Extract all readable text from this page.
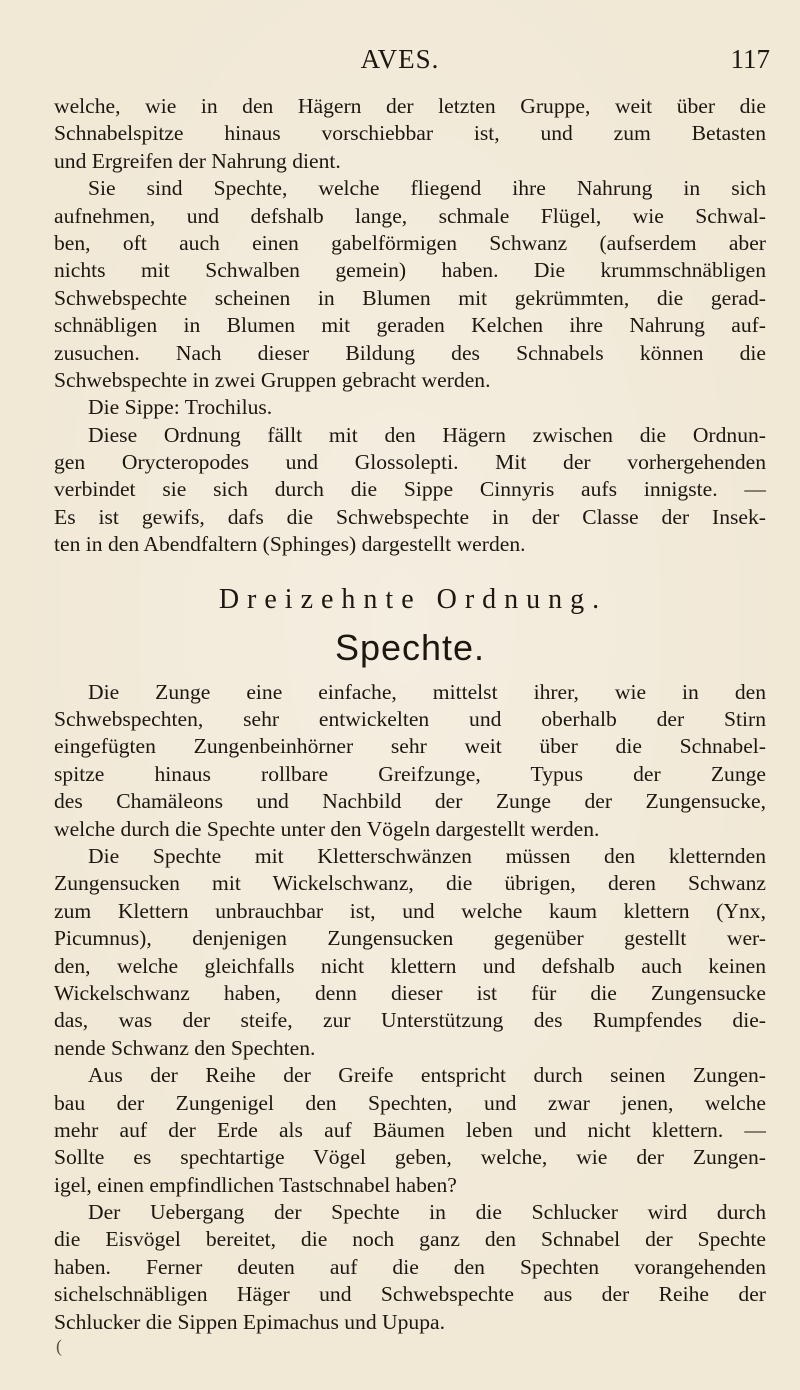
AVES.	117
welche, wie in den Hägern der letzten Gruppe, weit über die
Schnabelspitze hinaus vorschiebbar ist, und zum Betasten
und Ergreifen der Nahrung dient.
Sie sind Spechte, welche fliegend ihre Nahrung in sich
aufnehmen, und defshalb lange, schmale Flügel, wie Schwal-
ben, oft auch einen gabelförmigen Schwanz (aufserdem aber
nichts mit Schwalben gemein) haben. Die krummschnäbligen
Schwebspechte scheinen in Blumen mit gekrümmten, die gerad-
schnäbligen in Blumen mit geraden Kelchen ihre Nahrung auf-
zusuchen. Nach dieser Bildung des Schnabels können die
Schwebspechte in zwei Gruppen gebracht werden.
Die Sippe: Trochilus.
Diese Ordnung fällt mit den Hägern zwischen die Ordnun-
gen Orycteropodes und Glossolepti. Mit der vorhergehenden
verbindet sie sich durch die Sippe Cinnyris aufs innigste. —
Es ist gewifs, dafs die Schwebspechte in der Classe der Insek-
ten in den Abendfaltern (Sphinges) dargestellt werden.
Dreizehnte Ordnung.
Spechte.
Die Zunge eine einfache, mittelst ihrer, wie in den
Schwebspechten, sehr entwickelten und oberhalb der Stirn
eingefügten Zungenbeinhörner sehr weit über die Schnabel-
spitze hinaus rollbare Greifzunge, Typus der Zunge
des Chamäleons und Nachbild der Zunge der Zungensucke,
welche durch die Spechte unter den Vögeln dargestellt werden.
Die Spechte mit Kletterschwänzen müssen den kletternden
Zungensucken mit Wickelschwanz, die übrigen, deren Schwanz
zum Klettern unbrauchbar ist, und welche kaum klettern (Ynx,
Picumnus), denjenigen Zungensucken gegenüber gestellt wer-
den, welche gleichfalls nicht klettern und defshalb auch keinen
Wickelschwanz haben, denn dieser ist für die Zungensucke
das, was der steife, zur Unterstützung des Rumpfendes die-
nende Schwanz den Spechten.
Aus der Reihe der Greife entspricht durch seinen Zungen-
bau der Zungenigel den Spechten, und zwar jenen, welche
mehr auf der Erde als auf Bäumen leben und nicht klettern. —
Sollte es spechtartige Vögel geben, welche, wie der Zungen-
igel, einen empfindlichen Tastschnabel haben?
Der Uebergang der Spechte in die Schlucker wird durch
die Eisvögel bereitet, die noch ganz den Schnabel der Spechte
haben. Ferner deuten auf die den Spechten vorangehenden
sichelschnäbligen Häger und Schwebspechte aus der Reihe der
Schlucker die Sippen Epimachus und Upupa.
(
